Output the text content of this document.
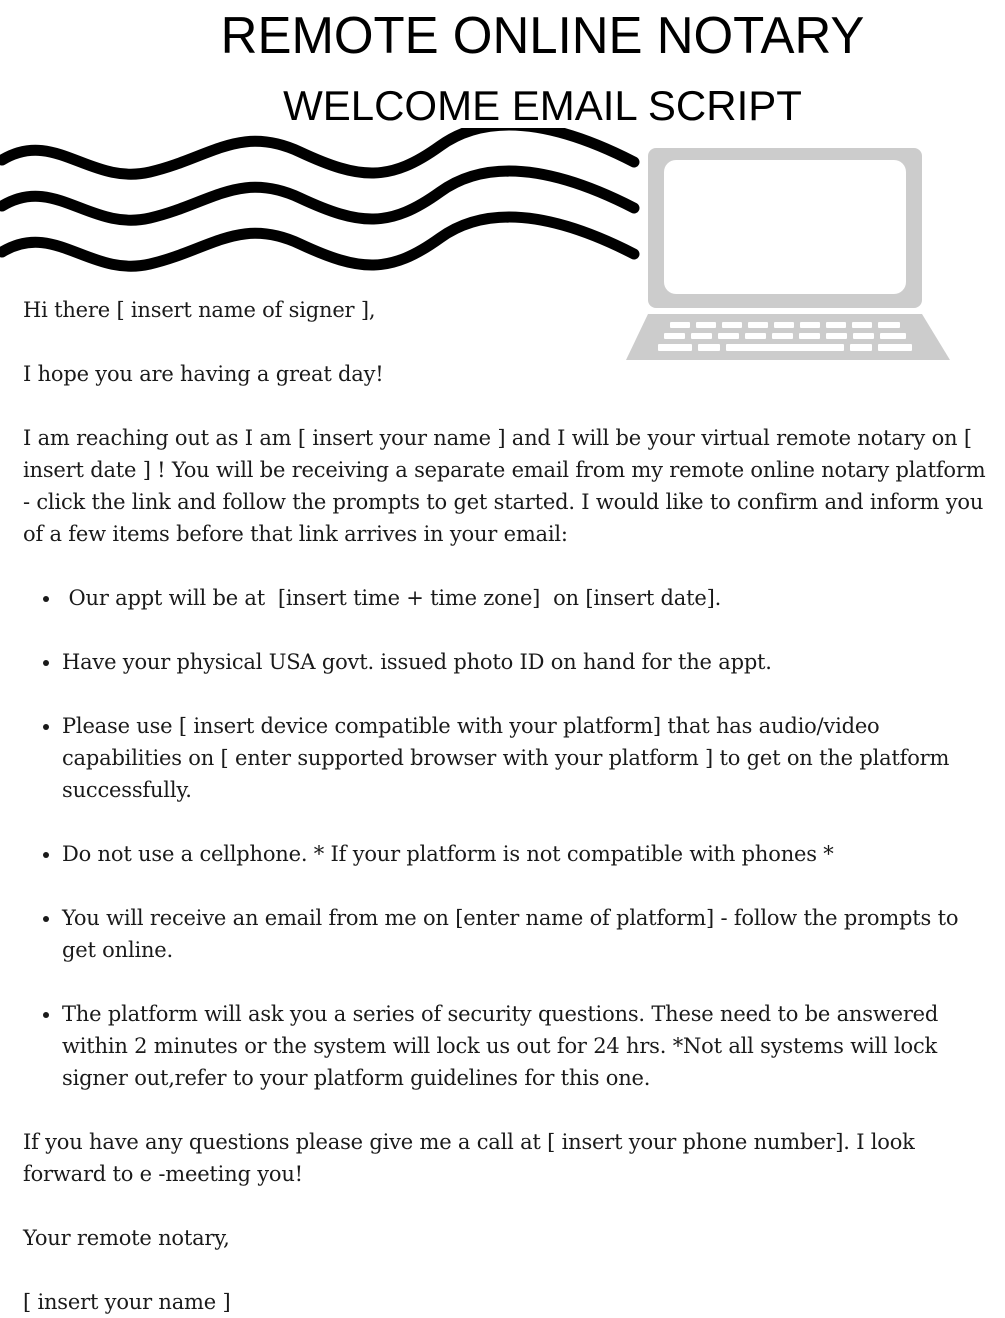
REMOTE ONLINE NOTARY
WELCOME EMAIL SCRIPT

Hi there [ insert name of signer ],

I hope you are having a great day!

I am reaching out as I am [ insert your name ] and I will be your virtual remote notary on [ insert date ] ! You will be receiving a separate email from my remote online notary platform - click the link and follow the prompts to get started. I would like to confirm and inform you of a few items before that link arrives in your email:

•  Our appt will be at  [insert time + time zone]  on [insert date].
• Have your physical USA govt. issued photo ID on hand for the appt.
• Please use [ insert device compatible with your platform] that has audio/video capabilities on [ enter supported browser with your platform ] to get on the platform successfully.
• Do not use a cellphone. * If your platform is not compatible with phones *
• You will receive an email from me on [enter name of platform] - follow the prompts to get online.
• The platform will ask you a series of security questions. These need to be answered within 2 minutes or the system will lock us out for 24 hrs. *Not all systems will lock signer out,refer to your platform guidelines for this one.

If you have any questions please give me a call at [ insert your phone number]. I look forward to e -meeting you!

Your remote notary,

[ insert your name ]
